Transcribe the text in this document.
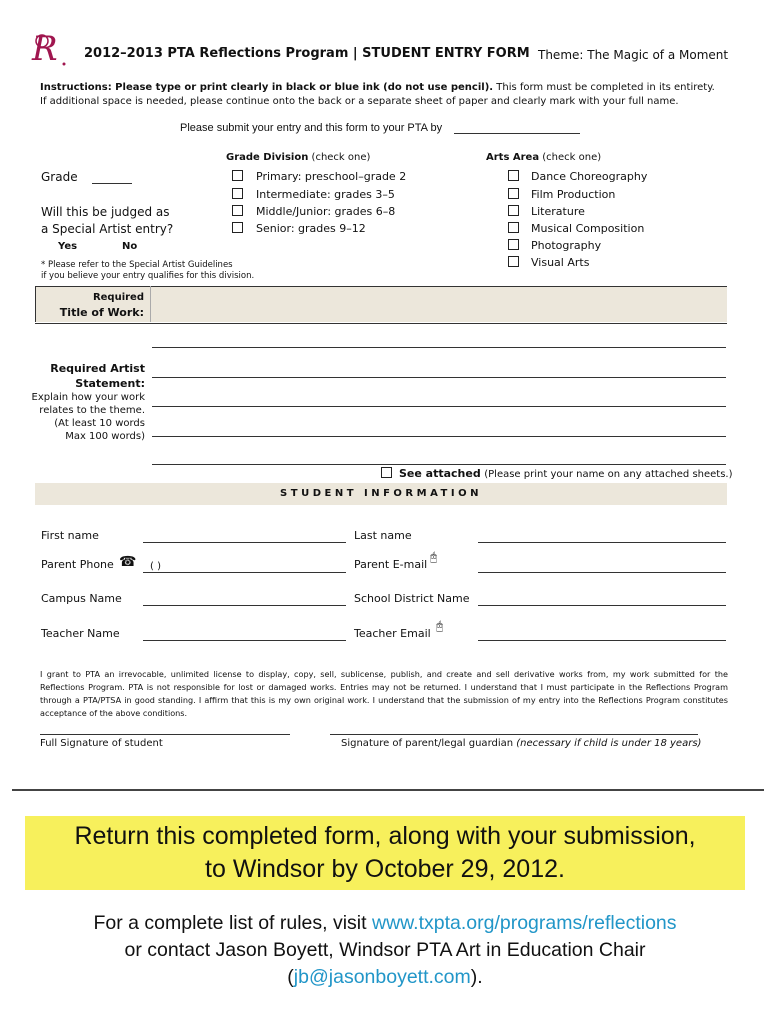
R 2012–2013 PTA Reflections Program | STUDENT ENTRY FORM Theme: The Magic of a Moment
Instructions: Please type or print clearly in black or blue ink (do not use pencil). This form must be completed in its entirety.
If additional space is needed, please continue onto the back or a separate sheet of paper and clearly mark with your full name.
Please submit your entry and this form to your PTA by
Grade
Will this be judged as
a Special Artist entry?
Yes	No
* Please refer to the Special Artist Guidelines
if you believe your entry qualifies for this division.
Grade Division (check one)
Primary: preschool–grade 2
Intermediate: grades 3–5
Middle/Junior: grades 6–8
Senior: grades 9–12
Arts Area (check one)
Dance Choreography
Film Production
Literature
Musical Composition
Photography
Visual Arts
Required
Title of Work:
Required Artist
Statement:
Explain how your work
relates to the theme.
(At least 10 words
Max 100 words)
See attached (Please print your name on any attached sheets.)
STUDENT INFORMATION
First name	Last name
Parent Phone ☎ ( )	Parent E-mail
🖰
Campus Name	School District Name
Teacher Name	Teacher Email
🖰
I grant to PTA an irrevocable, unlimited license to display, copy, sell, sublicense, publish, and create and sell derivative works from, my work submitted for the Reflections Program. PTA is not responsible for lost or damaged works. Entries may not be returned. I understand that I must participate in the Reflections Program through a PTA/PTSA in good standing. I affirm that this is my own original work. I understand that the submission of my entry into the Reflections Program constitutes acceptance of the above conditions.
Full Signature of student	Signature of parent/legal guardian (necessary if child is under 18 years)
Return this completed form, along with your submission,
to Windsor by October 29, 2012.
For a complete list of rules, visit www.txpta.org/programs/reflections
or contact Jason Boyett, Windsor PTA Art in Education Chair
(jb@jasonboyett.com).
